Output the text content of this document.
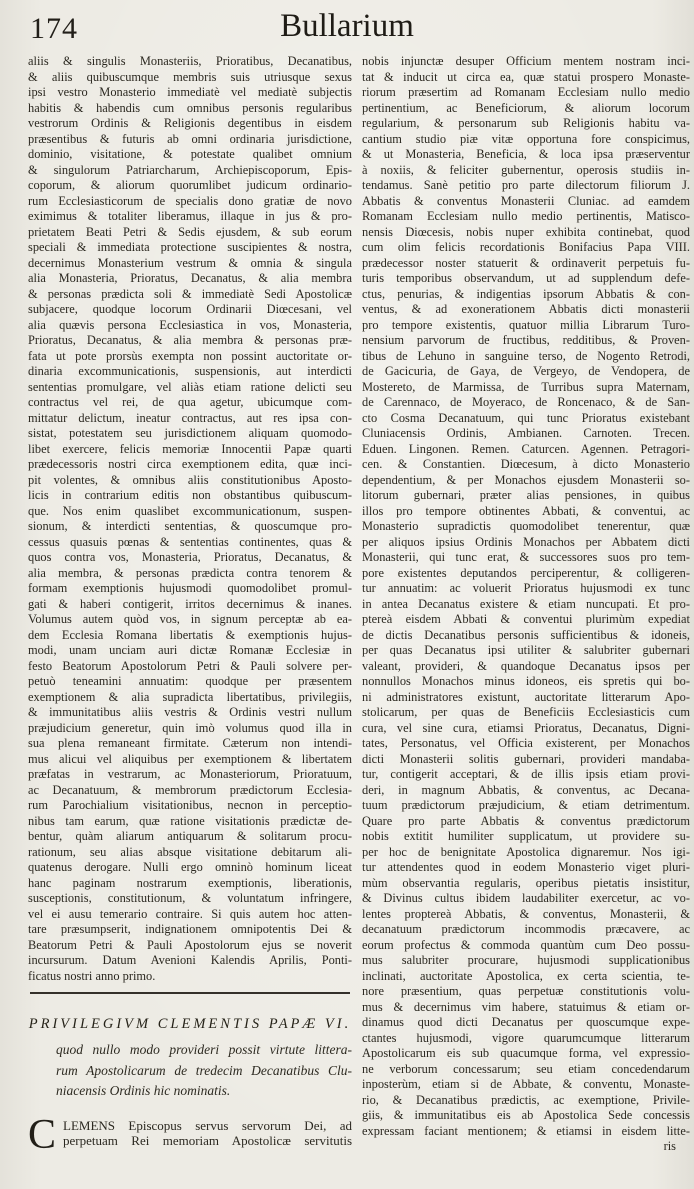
174	Bullarium
aliis & singulis Monasteriis, Prioratibus, Decanatibus,
& aliis quibuscumque membris suis utriusque sexus
ipsi vestro Monasterio immediatè vel mediatè subjectis
habitis & habendis cum omnibus personis regularibus
vestrorum Ordinis & Religionis degentibus in eisdem
præsentibus & futuris ab omni ordinaria jurisdictione,
dominio, visitatione, & potestate qualibet omnium
& singulorum Patriarcharum, Archiepiscoporum, Epis-
coporum, & aliorum quorumlibet judicum ordinario-
rum Ecclesiasticorum de specialis dono gratiæ de novo
eximimus & totaliter liberamus, illaque in jus & pro-
prietatem Beati Petri & Sedis ejusdem, & sub eorum
speciali & immediata protectione suscipientes & nostra,
decernimus Monasterium vestrum & omnia & singula
alia Monasteria, Prioratus, Decanatus, & alia membra
& personas prædicta soli & immediatè Sedi Apostolicæ
subjacere, quodque locorum Ordinarii Diœcesani, vel
alia quævis persona Ecclesiastica in vos, Monasteria,
Prioratus, Decanatus, & alia membra & personas præ-
fata ut pote prorsùs exempta non possint auctoritate or-
dinaria excommunicationis, suspensionis, aut interdicti
sententias promulgare, vel aliàs etiam ratione delicti seu
contractus vel rei, de qua agetur, ubicumque com-
mittatur delictum, ineatur contractus, aut res ipsa con-
sistat, potestatem seu jurisdictionem aliquam quomodo-
libet exercere, felicis memoriæ Innocentii Papæ quarti
prædecessoris nostri circa exemptionem edita, quæ inci-
pit volentes, & omnibus aliis constitutionibus Aposto-
licis in contrarium editis non obstantibus quibuscum-
que. Nos enim quaslibet excommunicationum, suspen-
sionum, & interdicti sententias, & quoscumque pro-
cessus quasuis pœnas & sententias continentes, quas &
quos contra vos, Monasteria, Prioratus, Decanatus, &
alia membra, & personas prædicta contra tenorem &
formam exemptionis hujusmodi quomodolibet promul-
gati & haberi contigerit, irritos decernimus & inanes.
Volumus autem quòd vos, in signum perceptæ ab ea-
dem Ecclesia Romana libertatis & exemptionis hujus-
modi, unam unciam auri dictæ Romanæ Ecclesiæ in
festo Beatorum Apostolorum Petri & Pauli solvere per-
petuò teneamini annuatim: quodque per præsentem
exemptionem & alia supradicta libertatibus, privilegiis,
& immunitatibus aliis vestris & Ordinis vestri nullum
præjudicium generetur, quin imò volumus quod illa in
sua plena remaneant firmitate. Cæterum non intendi-
mus alicui vel aliquibus per exemptionem & libertatem
præfatas in vestrarum, ac Monasteriorum, Prioratuum,
ac Decanatuum, & membrorum prædictorum Ecclesia-
rum Parochialium visitationibus, necnon in perceptio-
nibus tam earum, quæ ratione visitationis prædictæ de-
bentur, quàm aliarum antiquarum & solitarum procu-
rationum, seu alias absque visitatione debitarum ali-
quatenus derogare. Nulli ergo omninò hominum liceat
hanc paginam nostrarum exemptionis, liberationis,
susceptionis, constitutionum, & voluntatum infringere,
vel ei ausu temerario contraire. Si quis autem hoc atten-
tare præsumpserit, indignationem omnipotentis Dei &
Beatorum Petri & Pauli Apostolorum ejus se noverit
incursurum. Datum Avenioni Kalendis Aprilis, Ponti-
ficatus nostri anno primo.
PRIVILEGIVM CLEMENTIS PAPÆ VI.
quod nullo modo provideri possit virtute littera-
rum Apostolicarum de tredecim Decanatibus Clu-
niacensis Ordinis hic nominatis.
C LEMENS Episcopus servus servorum Dei, ad
perpetuam Rei memoriam Apostolicæ servitutis
nobis injunctæ desuper Officium mentem nostram inci-
tat & inducit ut circa ea, quæ statui prospero Monaste-
riorum præsertim ad Romanam Ecclesiam nullo medio
pertinentium, ac Beneficiorum, & aliorum locorum
regularium, & personarum sub Religionis habitu va-
cantium studio piæ vitæ opportuna fore conspicimus,
& ut Monasteria, Beneficia, & loca ipsa præserventur
à noxiis, & feliciter gubernentur, operosis studiis in-
tendamus. Sanè petitio pro parte dilectorum filiorum J.
Abbatis & conventus Monasterii Cluniac. ad eamdem
Romanam Ecclesiam nullo medio pertinentis, Matisco-
nensis Diœcesis, nobis nuper exhibita continebat, quod
cum olim felicis recordationis Bonifacius Papa VIII.
prædecessor noster statuerit & ordinaverit perpetuis fu-
turis temporibus observandum, ut ad supplendum defe-
ctus, penurias, & indigentias ipsorum Abbatis & con-
ventus, & ad exonerationem Abbatis dicti monasterii
pro tempore existentis, quatuor millia Librarum Turo-
nensium parvorum de fructibus, redditibus, & Proven-
tibus de Lehuno in sanguine terso, de Nogento Retrodi,
de Gacicuria, de Gaya, de Vergeyo, de Vendopera, de
Mostereto, de Marmissa, de Turribus supra Maternam,
de Carennaco, de Moyeraco, de Roncenaco, & de San-
cto Cosma Decanatuum, qui tunc Prioratus existebant
Cluniacensis Ordinis, Ambianen. Carnoten. Trecen.
Eduen. Lingonen. Remen. Caturcen. Agennen. Petragori-
cen. & Constantien. Diœcesum, à dicto Monasterio
dependentium, & per Monachos ejusdem Monasterii so-
litorum gubernari, præter alias pensiones, in quibus
illos pro tempore obtinentes Abbati, & conventui, ac
Monasterio supradictis quomodolibet tenerentur, quæ
per aliquos ipsius Ordinis Monachos per Abbatem dicti
Monasterii, qui tunc erat, & successores suos pro tem-
pore existentes deputandos perciperentur, & colligeren-
tur annuatim: ac voluerit Prioratus hujusmodi ex tunc
in antea Decanatus existere & etiam nuncupati. Et pro-
ptereà eisdem Abbati & conventui plurimùm expediat
de dictis Decanatibus personis sufficientibus & idoneis,
per quas Decanatus ipsi utiliter & salubriter gubernari
valeant, provideri, & quandoque Decanatus ipsos per
nonnullos Monachos minus idoneos, eis spretis qui bo-
ni administratores existunt, auctoritate litterarum Apo-
stolicarum, per quas de Beneficiis Ecclesiasticis cum
cura, vel sine cura, etiamsi Prioratus, Decanatus, Digni-
tates, Personatus, vel Officia existerent, per Monachos
dicti Monasterii solitis gubernari, provideri mandaba-
tur, contigerit acceptari, & de illis ipsis etiam provi-
deri, in magnum Abbatis, & conventus, ac Decana-
tuum prædictorum præjudicium, & etiam detrimentum.
Quare pro parte Abbatis & conventus prædictorum
nobis extitit humiliter supplicatum, ut providere su-
per hoc de benignitate Apostolica dignaremur. Nos igi-
tur attendentes quod in eodem Monasterio viget pluri-
mùm observantia regularis, operibus pietatis insistitur,
& Divinus cultus ibidem laudabiliter exercetur, ac vo-
lentes proptereà Abbatis, & conventus, Monasterii, &
decanatuum prædictorum incommodis præcavere, ac
eorum profectus & commoda quantùm cum Deo possu-
mus salubriter procurare, hujusmodi supplicationibus
inclinati, auctoritate Apostolica, ex certa scientia, te-
nore præsentium, quas perpetuæ constitutionis volu-
mus & decernimus vim habere, statuimus & etiam or-
dinamus quod dicti Decanatus per quoscumque expe-
ctantes hujusmodi, vigore quarumcumque litterarum
Apostolicarum eis sub quacumque forma, vel expressio-
ne verborum concessarum; seu etiam concedendarum
inposterùm, etiam si de Abbate, & conventu, Monaste-
rio, & Decanatibus prædictis, ac exemptione, Privile-
giis, & immunitatibus eis ab Apostolica Sede concessis
expressam faciant mentionem; & etiamsi in eisdem litte-
ris
